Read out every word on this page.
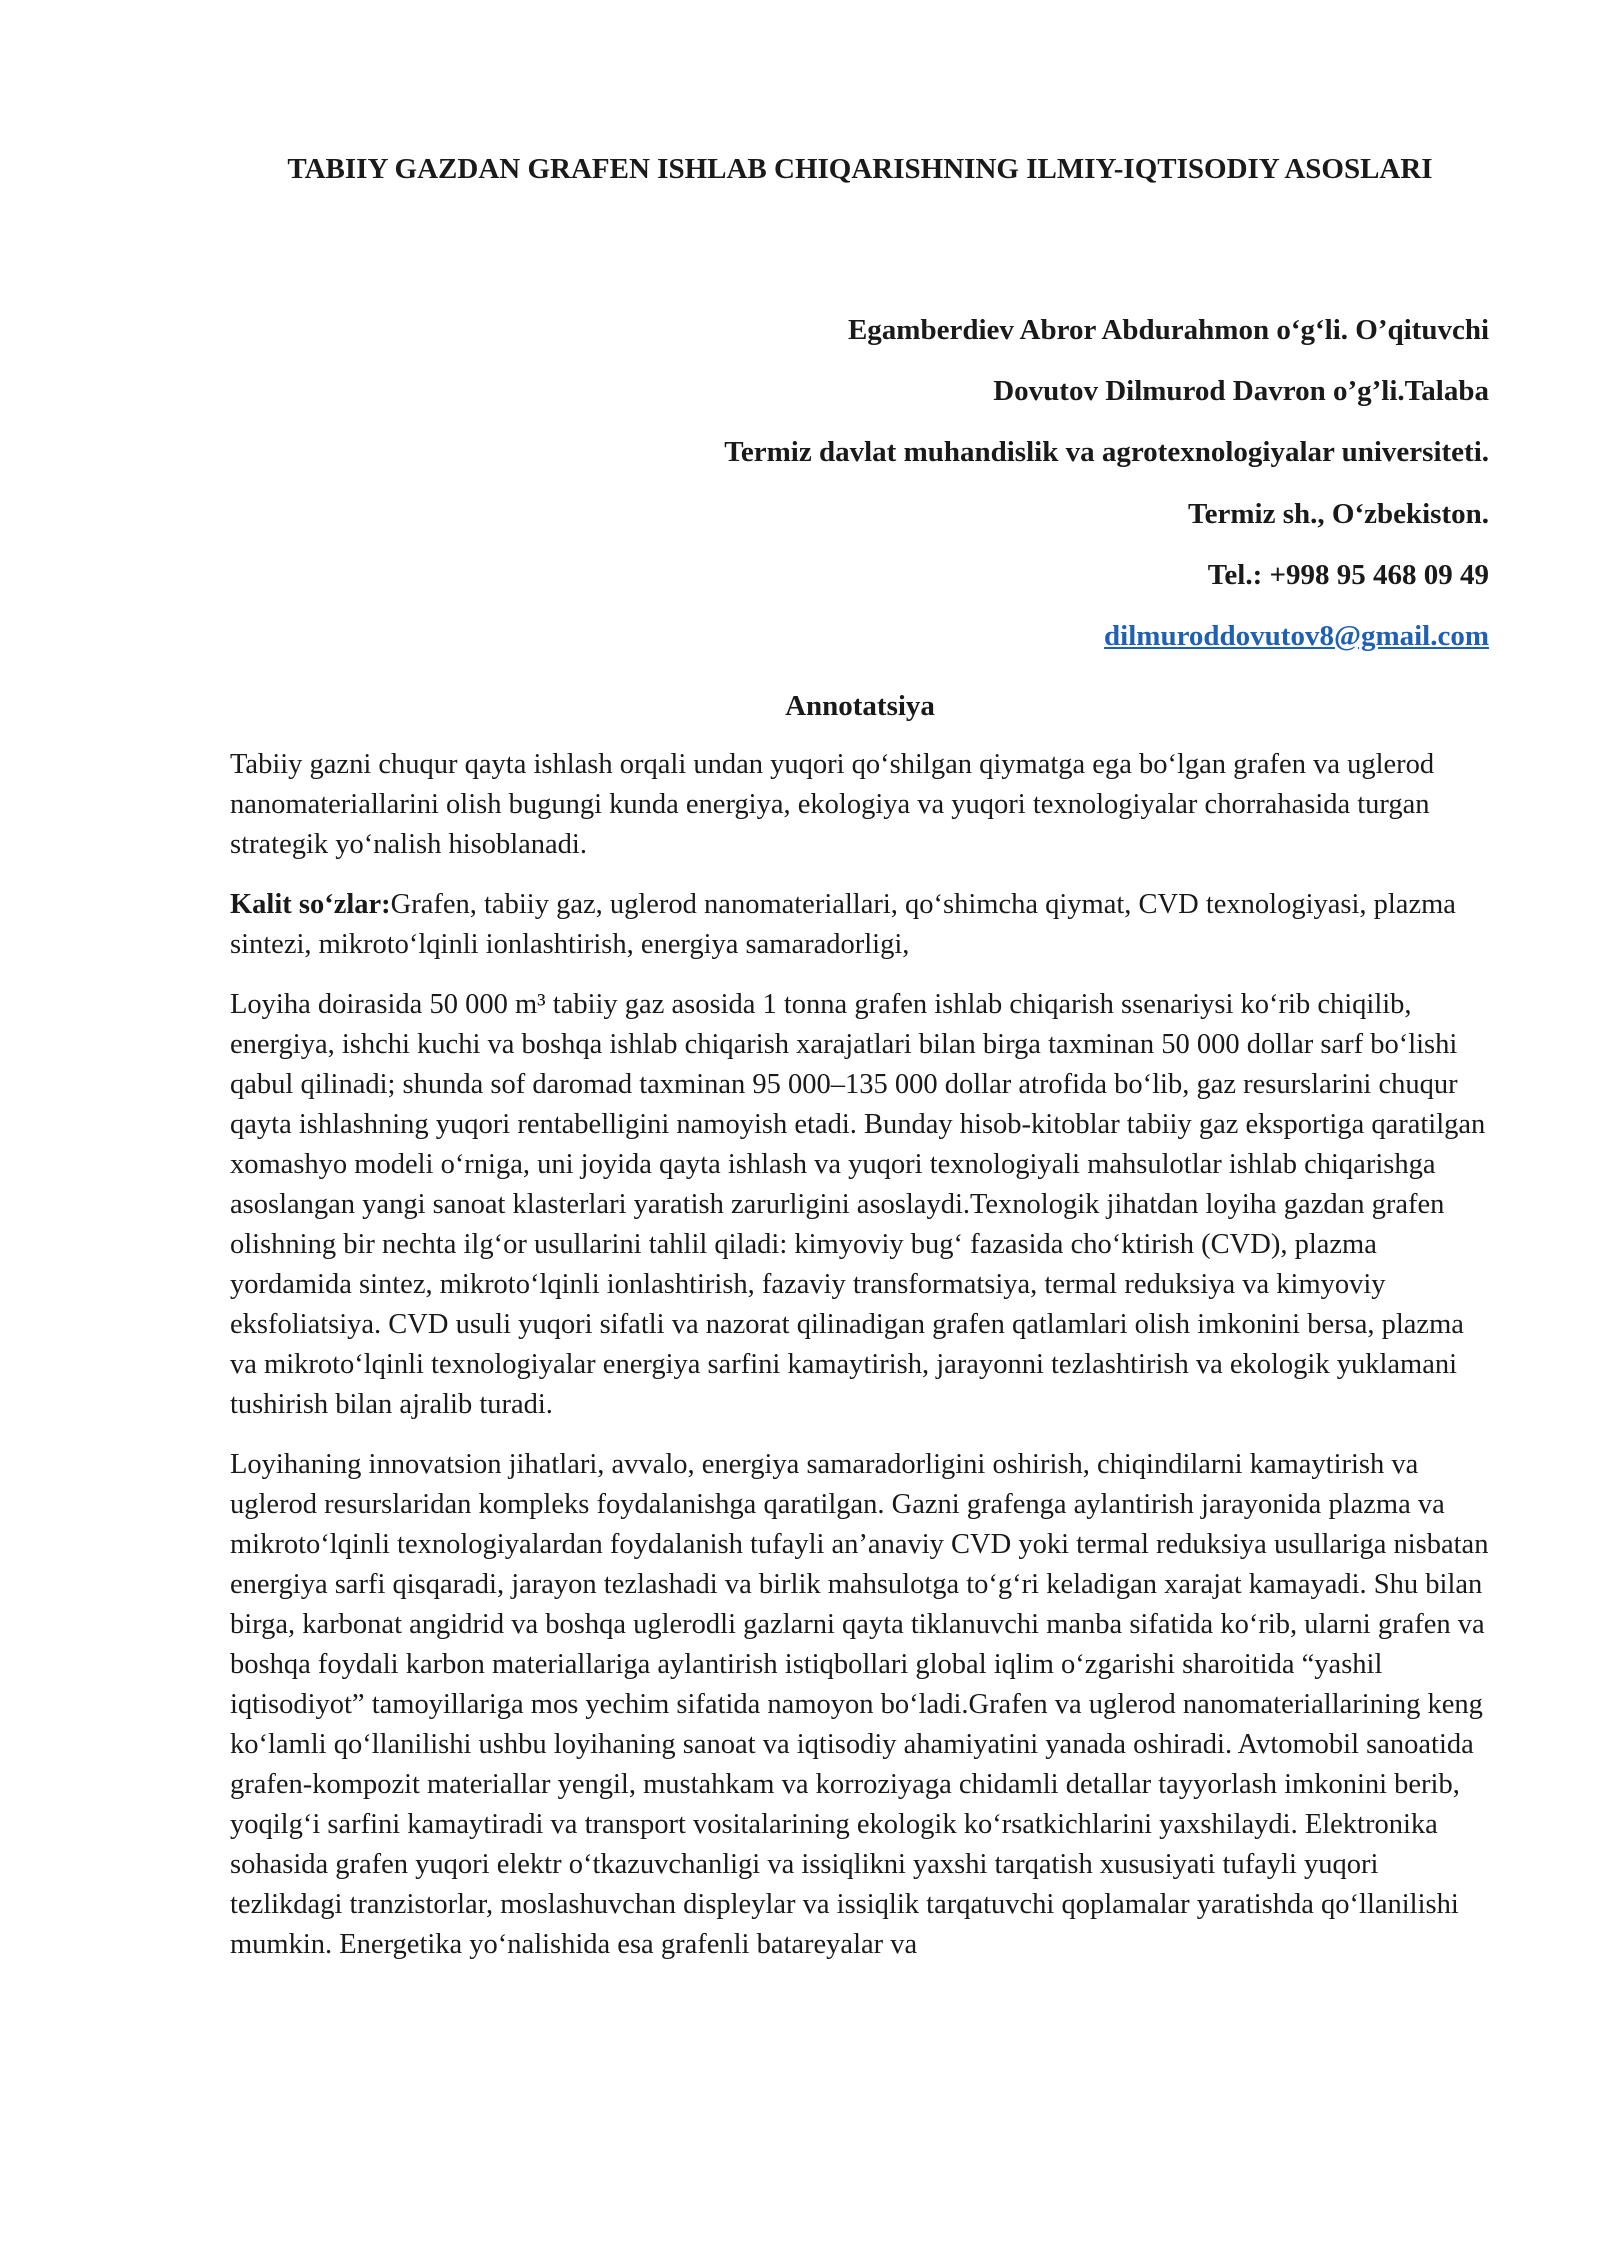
TABIIY GAZDAN GRAFEN ISHLAB CHIQARISHNING ILMIY-IQTISODIY ASOSLARI

Egamberdiev Abror Abdurahmon o‘g‘li. O’qituvchi

Dovutov Dilmurod Davron o’g’li.Talaba

Termiz davlat muhandislik va agrotexnologiyalar universiteti.

Termiz sh., O‘zbekiston.

Tel.: +998 95 468 09 49

dilmuroddovutov8@gmail.com

Annotatsiya

Tabiiy gazni chuqur qayta ishlash orqali undan yuqori qo‘shilgan qiymatga ega bo‘lgan grafen va uglerod nanomateriallarini olish bugungi kunda energiya, ekologiya va yuqori texnologiyalar chorrahasida turgan strategik yo‘nalish hisoblanadi.

Kalit so‘zlar:Grafen, tabiiy gaz, uglerod nanomateriallari, qo‘shimcha qiymat, CVD texnologiyasi, plazma sintezi, mikroto‘lqinli ionlashtirish, energiya samaradorligi,

Loyiha doirasida 50 000 m³ tabiiy gaz asosida 1 tonna grafen ishlab chiqarish ssenariysi ko‘rib chiqilib, energiya, ishchi kuchi va boshqa ishlab chiqarish xarajatlari bilan birga taxminan 50 000 dollar sarf bo‘lishi qabul qilinadi; shunda sof daromad taxminan 95 000–135 000 dollar atrofida bo‘lib, gaz resurslarini chuqur qayta ishlashning yuqori rentabelligini namoyish etadi. Bunday hisob-kitoblar tabiiy gaz eksportiga qaratilgan xomashyo modeli o‘rniga, uni joyida qayta ishlash va yuqori texnologiyali mahsulotlar ishlab chiqarishga asoslangan yangi sanoat klasterlari yaratish zarurligini asoslaydi.Texnologik jihatdan loyiha gazdan grafen olishning bir nechta ilg‘or usullarini tahlil qiladi: kimyoviy bug‘ fazasida cho‘ktirish (CVD), plazma yordamida sintez, mikroto‘lqinli ionlashtirish, fazaviy transformatsiya, termal reduksiya va kimyoviy eksfoliatsiya. CVD usuli yuqori sifatli va nazorat qilinadigan grafen qatlamlari olish imkonini bersa, plazma va mikroto‘lqinli texnologiyalar energiya sarfini kamaytirish, jarayonni tezlashtirish va ekologik yuklamani tushirish bilan ajralib turadi.

Loyihaning innovatsion jihatlari, avvalo, energiya samaradorligini oshirish, chiqindilarni kamaytirish va uglerod resurslaridan kompleks foydalanishga qaratilgan. Gazni grafenga aylantirish jarayonida plazma va mikroto‘lqinli texnologiyalardan foydalanish tufayli an’anaviy CVD yoki termal reduksiya usullariga nisbatan energiya sarfi qisqaradi, jarayon tezlashadi va birlik mahsulotga to‘g‘ri keladigan xarajat kamayadi. Shu bilan birga, karbonat angidrid va boshqa uglerodli gazlarni qayta tiklanuvchi manba sifatida ko‘rib, ularni grafen va boshqa foydali karbon materiallariga aylantirish istiqbollari global iqlim o‘zgarishi sharoitida “yashil iqtisodiyot” tamoyillariga mos yechim sifatida namoyon bo‘ladi.Grafen va uglerod nanomateriallarining keng ko‘lamli qo‘llanilishi ushbu loyihaning sanoat va iqtisodiy ahamiyatini yanada oshiradi. Avtomobil sanoatida grafen-kompozit materiallar yengil, mustahkam va korroziyaga chidamli detallar tayyorlash imkonini berib, yoqilg‘i sarfini kamaytiradi va transport vositalarining ekologik ko‘rsatkichlarini yaxshilaydi. Elektronika sohasida grafen yuqori elektr o‘tkazuvchanligi va issiqlikni yaxshi tarqatish xususiyati tufayli yuqori tezlikdagi tranzistorlar, moslashuvchan displeylar va issiqlik tarqatuvchi qoplamalar yaratishda qo‘llanilishi mumkin. Energetika yo‘nalishida esa grafenli batareyalar va
